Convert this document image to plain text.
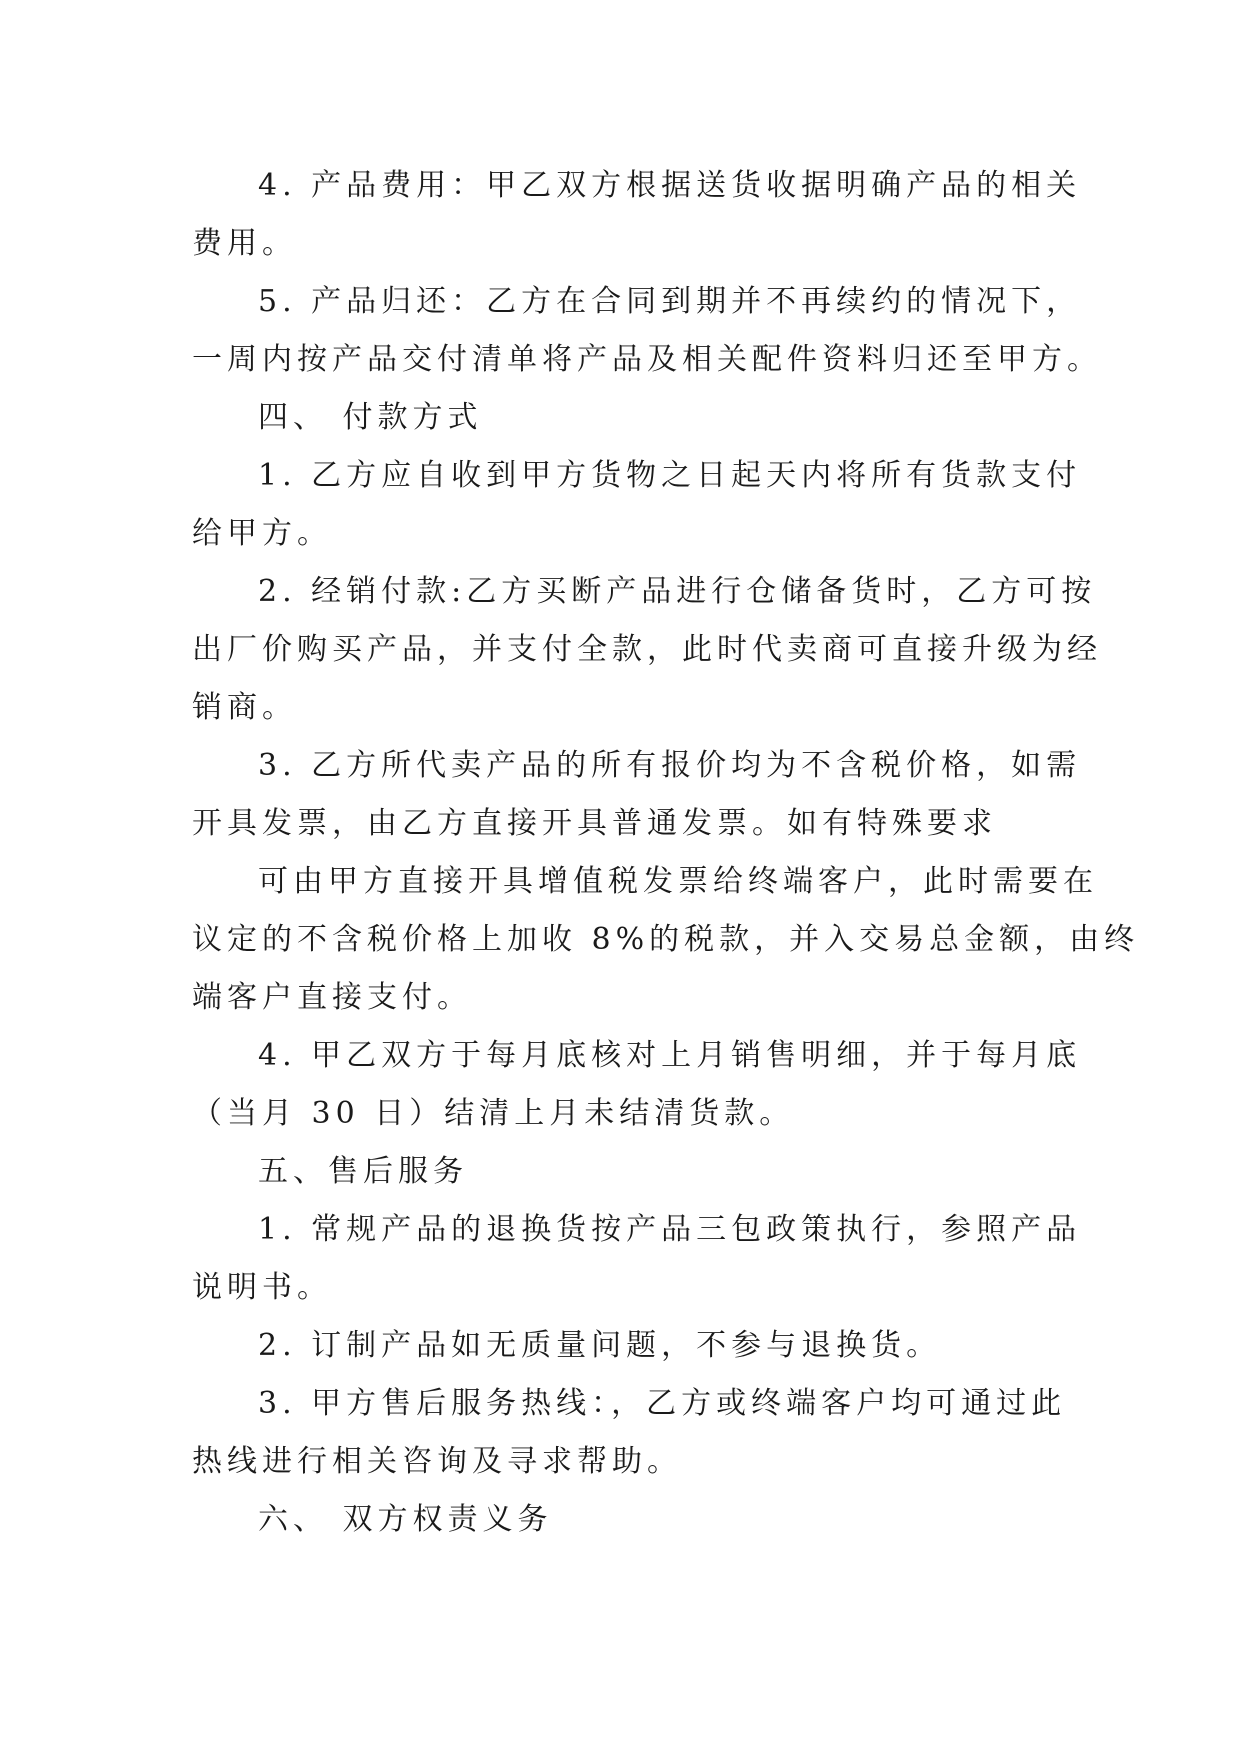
4. 产品费用：甲乙双方根据送货收据明确产品的相关
费用。
5. 产品归还：乙方在合同到期并不再续约的情况下，
一周内按产品交付清单将产品及相关配件资料归还至甲方。
四、 付款方式
1. 乙方应自收到甲方货物之日起天内将所有货款支付
给甲方。
2. 经销付款:乙方买断产品进行仓储备货时，乙方可按
出厂价购买产品，并支付全款，此时代卖商可直接升级为经
销商。
3. 乙方所代卖产品的所有报价均为不含税价格，如需
开具发票，由乙方直接开具普通发票。如有特殊要求
可由甲方直接开具增值税发票给终端客户，此时需要在
议定的不含税价格上加收 8%的税款，并入交易总金额，由终
端客户直接支付。
4. 甲乙双方于每月底核对上月销售明细，并于每月底
（当月 30 日）结清上月未结清货款。
五、售后服务
1. 常规产品的退换货按产品三包政策执行，参照产品
说明书。
2. 订制产品如无质量问题，不参与退换货。
3. 甲方售后服务热线：，乙方或终端客户均可通过此
热线进行相关咨询及寻求帮助。
六、 双方权责义务
